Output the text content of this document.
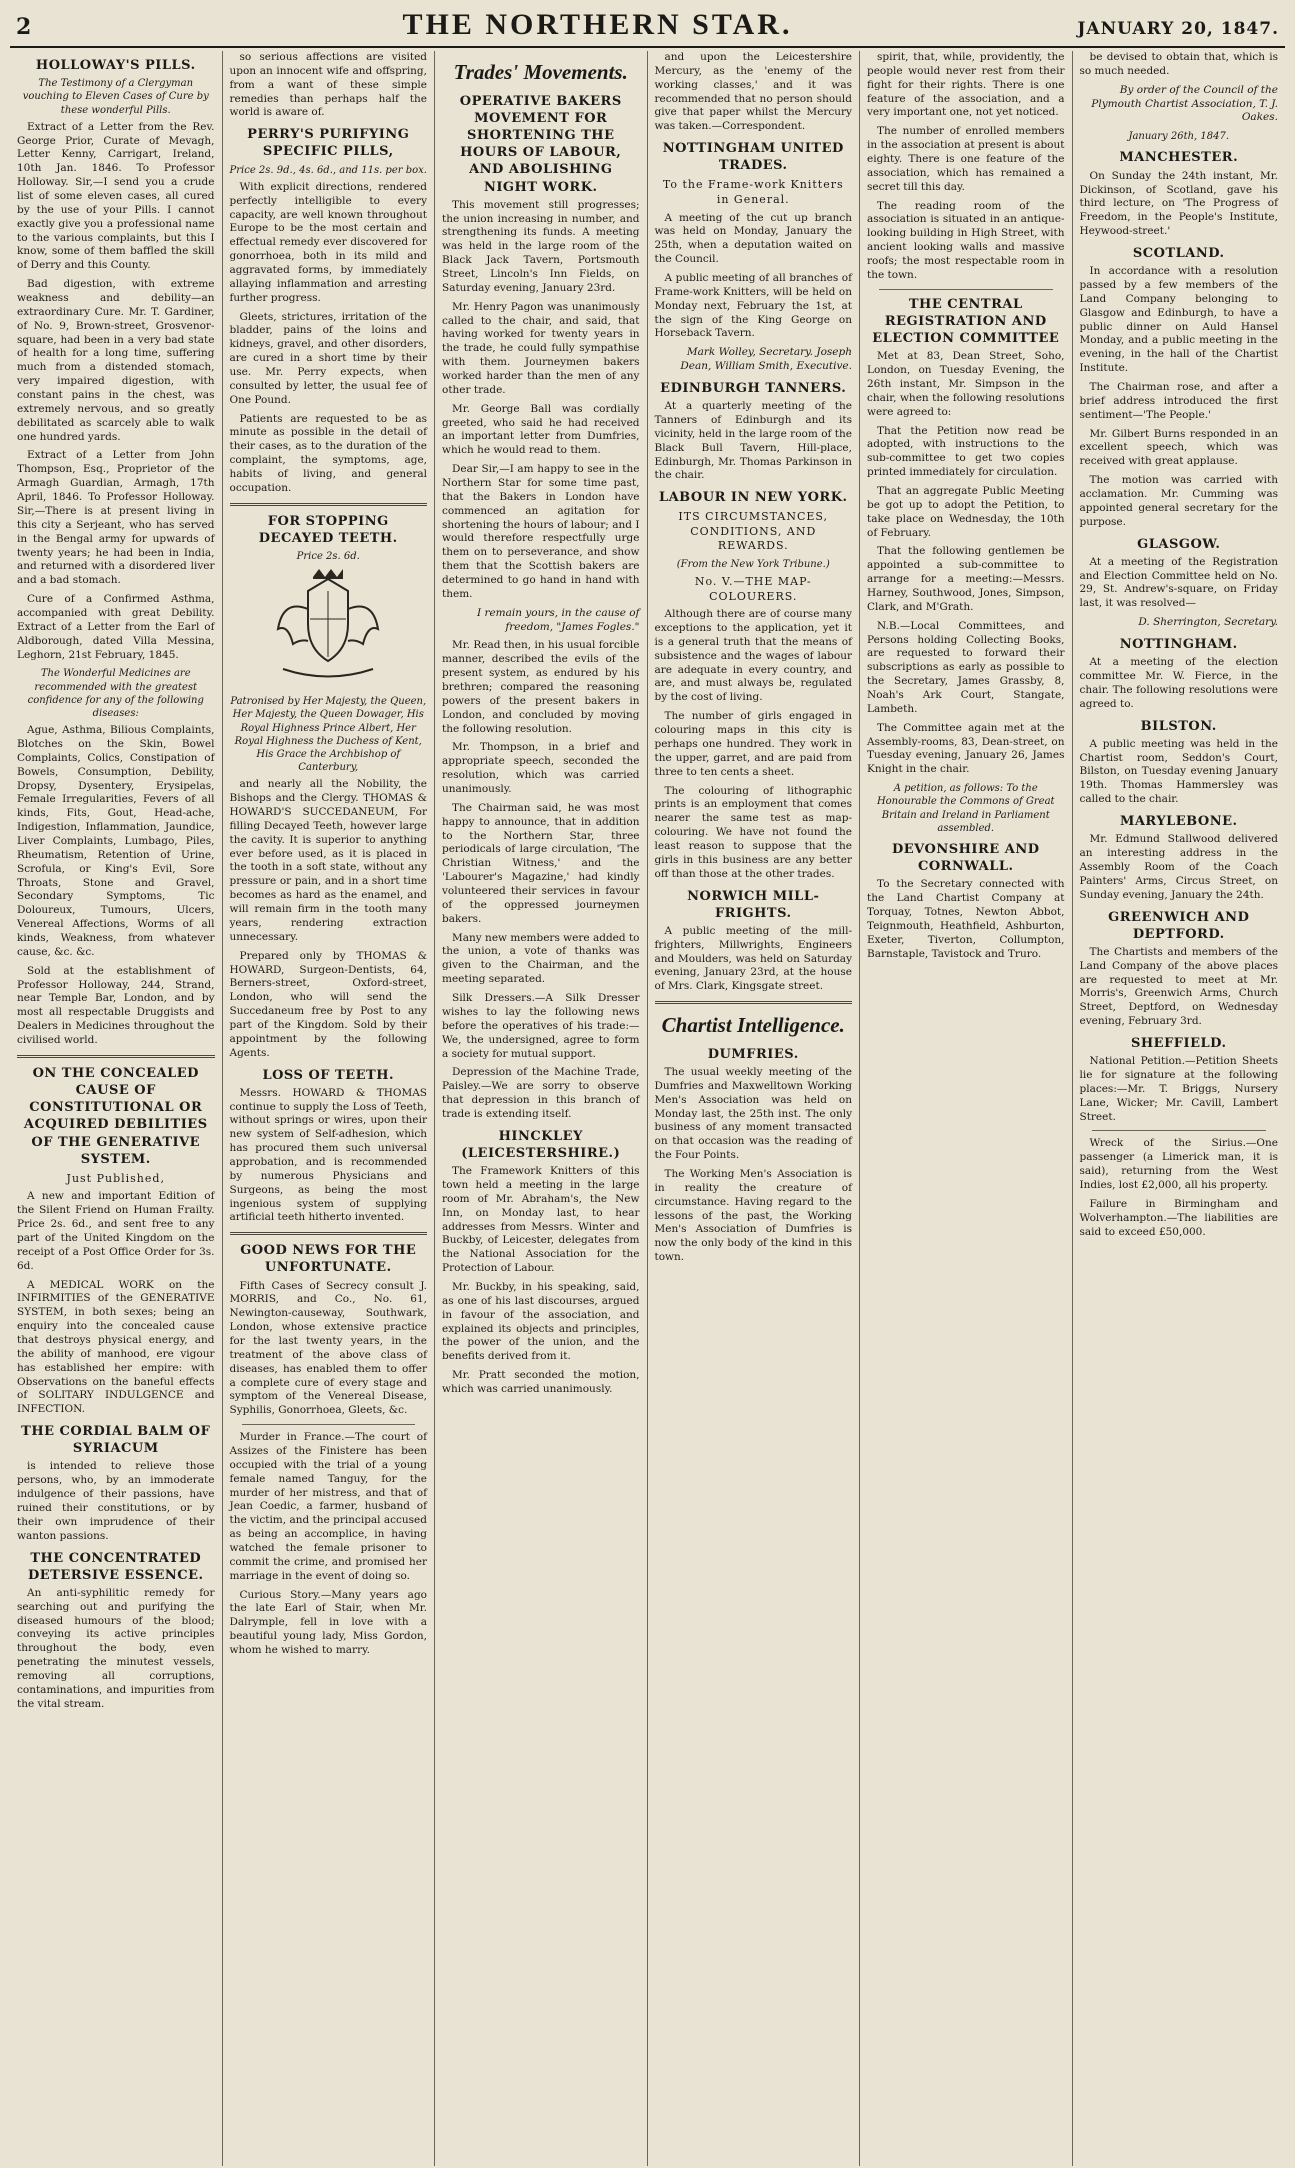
2	THE NORTHERN STAR.	JANUARY 20, 1847.
HOLLOWAY'S PILLS.

The Testimony of a Clergyman vouching to Eleven Cases of Cure by these wonderful Pills.

Extract of a Letter from the Rev. George Prior, Curate of Mevagh, Letter Kenny, Carrigart, Ireland, 10th Jan. 1846. To Professor Holloway. Sir,—I send you a crude list of some eleven cases, all cured by the use of your Pills. I cannot exactly give you a professional name to the various complaints, but this I know, some of them baffled the skill of Derry and this County.

Bad digestion, with extreme weakness and debility—an extraordinary Cure. Mr. T. Gardiner, of No. 9, Brown-street, Grosvenor-square, had been in a very bad state of health for a long time, suffering much from a distended stomach, very impaired digestion, with constant pains in the chest, was extremely nervous, and so greatly debilitated as scarcely able to walk one hundred yards.

Extract of a Letter from John Thompson, Esq., Proprietor of the Armagh Guardian, Armagh, 17th April, 1846. To Professor Holloway. Sir,—There is at present living in this city a Serjeant, who has served in the Bengal army for upwards of twenty years; he had been in India, and returned with a disordered liver and a bad stomach.

Cure of a Confirmed Asthma, accompanied with great Debility. Extract of a Letter from the Earl of Aldborough, dated Villa Messina, Leghorn, 21st February, 1845.

The Wonderful Medicines are recommended with the greatest confidence for any of the following diseases:

Ague, Asthma, Bilious Complaints, Blotches on the Skin, Bowel Complaints, Colics, Constipation of Bowels, Consumption, Debility, Dropsy, Dysentery, Erysipelas, Female Irregularities, Fevers of all kinds, Fits, Gout, Head-ache, Indigestion, Inflammation, Jaundice, Liver Complaints, Lumbago, Piles, Rheumatism, Retention of Urine, Scrofula, or King's Evil, Sore Throats, Stone and Gravel, Secondary Symptoms, Tic Doloureux, Tumours, Ulcers, Venereal Affections, Worms of all kinds, Weakness, from whatever cause, &c. &c.

Sold at the establishment of Professor Holloway, 244, Strand, near Temple Bar, London, and by most all respectable Druggists and Dealers in Medicines throughout the civilised world.

ON THE CONCEALED CAUSE OF CONSTITUTIONAL OR ACQUIRED DEBILITIES OF THE GENERATIVE SYSTEM.

Just Published,

A new and important Edition of the Silent Friend on Human Frailty. Price 2s. 6d., and sent free to any part of the United Kingdom on the receipt of a Post Office Order for 3s. 6d.

A MEDICAL WORK on the INFIRMITIES of the GENERATIVE SYSTEM, in both sexes; being an enquiry into the concealed cause that destroys physical energy, and the ability of manhood, ere vigour has established her empire: with Observations on the baneful effects of SOLITARY INDULGENCE and INFECTION.

THE CORDIAL BALM OF SYRIACUM

is intended to relieve those persons, who, by an immoderate indulgence of their passions, have ruined their constitutions, or by their own imprudence of their wanton passions.

THE CONCENTRATED DETERSIVE ESSENCE.

An anti-syphilitic remedy for searching out and purifying the diseased humours of the blood; conveying its active principles throughout the body, even penetrating the minutest vessels, removing all corruptions, contaminations, and impurities from the vital stream.

so serious affections are visited upon an innocent wife and offspring, from a want of these simple remedies than perhaps half the world is aware of.

PERRY'S PURIFYING SPECIFIC PILLS,

Price 2s. 9d., 4s. 6d., and 11s. per box.

With explicit directions, rendered perfectly intelligible to every capacity, are well known throughout Europe to be the most certain and effectual remedy ever discovered for gonorrhoea, both in its mild and aggravated forms, by immediately allaying inflammation and arresting further progress.

Gleets, strictures, irritation of the bladder, pains of the loins and kidneys, gravel, and other disorders, are cured in a short time by their use. Mr. Perry expects, when consulted by letter, the usual fee of One Pound.

Patients are requested to be as minute as possible in the detail of their cases, as to the duration of the complaint, the symptoms, age, habits of living, and general occupation.

FOR STOPPING DECAYED TEETH.

Price 2s. 6d.

Patronised by Her Majesty, the Queen, Her Majesty, the Queen Dowager, His Royal Highness Prince Albert, Her Royal Highness the Duchess of Kent, His Grace the Archbishop of Canterbury,

and nearly all the Nobility, the Bishops and the Clergy. THOMAS & HOWARD'S SUCCEDANEUM, For filling Decayed Teeth, however large the cavity. It is superior to anything ever before used, as it is placed in the tooth in a soft state, without any pressure or pain, and in a short time becomes as hard as the enamel, and will remain firm in the tooth many years, rendering extraction unnecessary.

Prepared only by THOMAS & HOWARD, Surgeon-Dentists, 64, Berners-street, Oxford-street, London, who will send the Succedaneum free by Post to any part of the Kingdom. Sold by their appointment by the following Agents.

LOSS OF TEETH.

Messrs. HOWARD & THOMAS continue to supply the Loss of Teeth, without springs or wires, upon their new system of Self-adhesion, which has procured them such universal approbation, and is recommended by numerous Physicians and Surgeons, as being the most ingenious system of supplying artificial teeth hitherto invented.

GOOD NEWS FOR THE UNFORTUNATE.

Fifth Cases of Secrecy consult J. MORRIS, and Co., No. 61, Newington-causeway, Southwark, London, whose extensive practice for the last twenty years, in the treatment of the above class of diseases, has enabled them to offer a complete cure of every stage and symptom of the Venereal Disease, Syphilis, Gonorrhoea, Gleets, &c.

Murder in France.—The court of Assizes of the Finistere has been occupied with the trial of a young female named Tanguy, for the murder of her mistress, and that of Jean Coedic, a farmer, husband of the victim, and the principal accused as being an accomplice, in having watched the female prisoner to commit the crime, and promised her marriage in the event of doing so.

Curious Story.—Many years ago the late Earl of Stair, when Mr. Dalrymple, fell in love with a beautiful young lady, Miss Gordon, whom he wished to marry.

Trades' Movements.
OPERATIVE BAKERS MOVEMENT FOR SHORTENING THE HOURS OF LABOUR, AND ABOLISHING NIGHT WORK.

This movement still progresses; the union increasing in number, and strengthening its funds. A meeting was held in the large room of the Black Jack Tavern, Portsmouth Street, Lincoln's Inn Fields, on Saturday evening, January 23rd.

Mr. Henry Pagon was unanimously called to the chair, and said, that having worked for twenty years in the trade, he could fully sympathise with them. Journeymen bakers worked harder than the men of any other trade.

Mr. George Ball was cordially greeted, who said he had received an important letter from Dumfries, which he would read to them.

Dear Sir,—I am happy to see in the Northern Star for some time past, that the Bakers in London have commenced an agitation for shortening the hours of labour; and I would therefore respectfully urge them on to perseverance, and show them that the Scottish bakers are determined to go hand in hand with them.

I remain yours, in the cause of freedom, "James Fogles."

Mr. Read then, in his usual forcible manner, described the evils of the present system, as endured by his brethren; compared the reasoning powers of the present bakers in London, and concluded by moving the following resolution.

Mr. Thompson, in a brief and appropriate speech, seconded the resolution, which was carried unanimously.

The Chairman said, he was most happy to announce, that in addition to the Northern Star, three periodicals of large circulation, 'The Christian Witness,' and the 'Labourer's Magazine,' had kindly volunteered their services in favour of the oppressed journeymen bakers.

Many new members were added to the union, a vote of thanks was given to the Chairman, and the meeting separated.

Silk Dressers.—A Silk Dresser wishes to lay the following news before the operatives of his trade:—We, the undersigned, agree to form a society for mutual support.

Depression of the Machine Trade, Paisley.—We are sorry to observe that depression in this branch of trade is extending itself.

HINCKLEY (LEICESTERSHIRE.)

The Framework Knitters of this town held a meeting in the large room of Mr. Abraham's, the New Inn, on Monday last, to hear addresses from Messrs. Winter and Buckby, of Leicester, delegates from the National Association for the Protection of Labour.

Mr. Buckby, in his speaking, said, as one of his last discourses, argued in favour of the association, and explained its objects and principles, the power of the union, and the benefits derived from it.

Mr. Pratt seconded the motion, which was carried unanimously.

and upon the Leicestershire Mercury, as the 'enemy of the working classes,' and it was recommended that no person should give that paper whilst the Mercury was taken.—Correspondent.

NOTTINGHAM UNITED TRADES.

To the Frame-work Knitters in General.

A meeting of the cut up branch was held on Monday, January the 25th, when a deputation waited on the Council.

A public meeting of all branches of Frame-work Knitters, will be held on Monday next, February the 1st, at the sign of the King George on Horseback Tavern.

Mark Wolley, Secretary. Joseph Dean, William Smith, Executive.

EDINBURGH TANNERS.

At a quarterly meeting of the Tanners of Edinburgh and its vicinity, held in the large room of the Black Bull Tavern, Hill-place, Edinburgh, Mr. Thomas Parkinson in the chair.

LABOUR IN NEW YORK.

ITS CIRCUMSTANCES, CONDITIONS, AND REWARDS.

(From the New York Tribune.)

No. V.—THE MAP-COLOURERS.

Although there are of course many exceptions to the application, yet it is a general truth that the means of subsistence and the wages of labour are adequate in every country, and are, and must always be, regulated by the cost of living.

The number of girls engaged in colouring maps in this city is perhaps one hundred. They work in the upper, garret, and are paid from three to ten cents a sheet.

The colouring of lithographic prints is an employment that comes nearer the same test as map-colouring. We have not found the least reason to suppose that the girls in this business are any better off than those at the other trades.

NORWICH MILL-FRIGHTS.

A public meeting of the mill-frighters, Millwrights, Engineers and Moulders, was held on Saturday evening, January 23rd, at the house of Mrs. Clark, Kingsgate street.

Chartist Intelligence.
DUMFRIES.

The usual weekly meeting of the Dumfries and Maxwelltown Working Men's Association was held on Monday last, the 25th inst. The only business of any moment transacted on that occasion was the reading of the Four Points.

The Working Men's Association is in reality the creature of circumstance. Having regard to the lessons of the past, the Working Men's Association of Dumfries is now the only body of the kind in this town.

spirit, that, while, providently, the people would never rest from their fight for their rights. There is one feature of the association, and a very important one, not yet noticed.

The number of enrolled members in the association at present is about eighty. There is one feature of the association, which has remained a secret till this day.

The reading room of the association is situated in an antique-looking building in High Street, with ancient looking walls and massive roofs; the most respectable room in the town.

THE CENTRAL REGISTRATION AND ELECTION COMMITTEE

Met at 83, Dean Street, Soho, London, on Tuesday Evening, the 26th instant, Mr. Simpson in the chair, when the following resolutions were agreed to:

That the Petition now read be adopted, with instructions to the sub-committee to get two copies printed immediately for circulation.

That an aggregate Public Meeting be got up to adopt the Petition, to take place on Wednesday, the 10th of February.

That the following gentlemen be appointed a sub-committee to arrange for a meeting:—Messrs. Harney, Southwood, Jones, Simpson, Clark, and M'Grath.

N.B.—Local Committees, and Persons holding Collecting Books, are requested to forward their subscriptions as early as possible to the Secretary, James Grassby, 8, Noah's Ark Court, Stangate, Lambeth.

The Committee again met at the Assembly-rooms, 83, Dean-street, on Tuesday evening, January 26, James Knight in the chair.

A petition, as follows: To the Honourable the Commons of Great Britain and Ireland in Parliament assembled.

DEVONSHIRE AND CORNWALL.

To the Secretary connected with the Land Chartist Company at Torquay, Totnes, Newton Abbot, Teignmouth, Heathfield, Ashburton, Exeter, Tiverton, Collumpton, Barnstaple, Tavistock and Truro.

be devised to obtain that, which is so much needed.

By order of the Council of the Plymouth Chartist Association, T. J. Oakes.

January 26th, 1847.

MANCHESTER.

On Sunday the 24th instant, Mr. Dickinson, of Scotland, gave his third lecture, on 'The Progress of Freedom, in the People's Institute, Heywood-street.'

SCOTLAND.

In accordance with a resolution passed by a few members of the Land Company belonging to Glasgow and Edinburgh, to have a public dinner on Auld Hansel Monday, and a public meeting in the evening, in the hall of the Chartist Institute.

The Chairman rose, and after a brief address introduced the first sentiment—'The People.'

Mr. Gilbert Burns responded in an excellent speech, which was received with great applause.

The motion was carried with acclamation. Mr. Cumming was appointed general secretary for the purpose.

GLASGOW.

At a meeting of the Registration and Election Committee held on No. 29, St. Andrew's-square, on Friday last, it was resolved—

D. Sherrington, Secretary.

NOTTINGHAM.

At a meeting of the election committee Mr. W. Fierce, in the chair. The following resolutions were agreed to.

BILSTON.

A public meeting was held in the Chartist room, Seddon's Court, Bilston, on Tuesday evening January 19th. Thomas Hammersley was called to the chair.

MARYLEBONE.

Mr. Edmund Stallwood delivered an interesting address in the Assembly Room of the Coach Painters' Arms, Circus Street, on Sunday evening, January the 24th.

GREENWICH AND DEPTFORD.

The Chartists and members of the Land Company of the above places are requested to meet at Mr. Morris's, Greenwich Arms, Church Street, Deptford, on Wednesday evening, February 3rd.

SHEFFIELD.

National Petition.—Petition Sheets lie for signature at the following places:—Mr. T. Briggs, Nursery Lane, Wicker; Mr. Cavill, Lambert Street.

Wreck of the Sirius.—One passenger (a Limerick man, it is said), returning from the West Indies, lost £2,000, all his property.

Failure in Birmingham and Wolverhampton.—The liabilities are said to exceed £50,000.
